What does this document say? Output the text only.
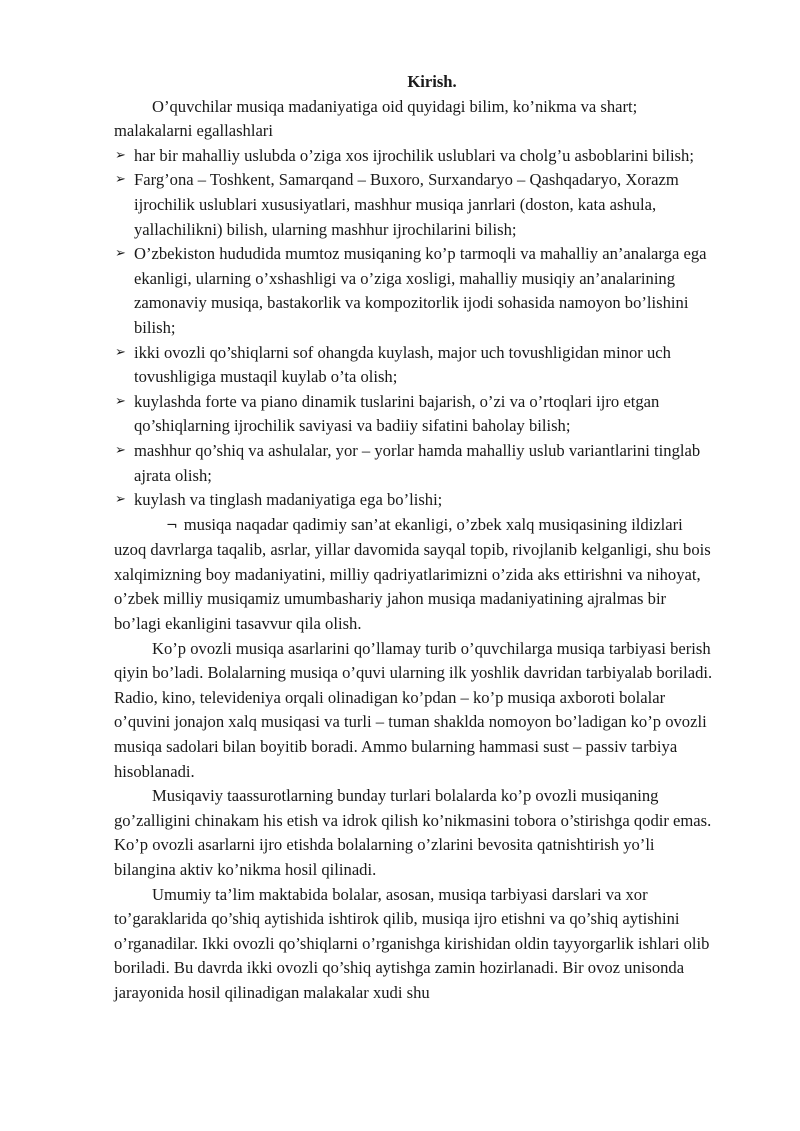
Kirish.

O’quvchilar musiqa madaniyatiga oid quyidagi bilim, ko’nikma va shart; malakalarni egallashlari

➢ har bir mahalliy uslubda o’ziga xos ijrochilik uslublari va cholg’u asboblarini bilish;
➢ Farg’ona – Toshkent, Samarqand – Buxoro, Surxandaryo – Qashqadaryo, Xorazm ijrochilik uslublari xususiyatlari, mashhur musiqa janrlari (doston, kata ashula, yallachilikni) bilish, ularning mashhur ijrochilarini bilish;
➢ O’zbekiston hududida mumtoz musiqaning ko’p tarmoqli va mahalliy an’analarga ega ekanligi, ularning o’xshashligi va o’ziga xosligi, mahalliy musiqiy an’analarining zamonaviy musiqa, bastakorlik va kompozitorlik ijodi sohasida namoyon bo’lishini bilish;
➢ ikki ovozli qo’shiqlarni sof ohangda kuylash, major uch tovushligidan minor uch tovushligiga mustaqil kuylab o’ta olish;
➢ kuylashda forte va piano dinamik tuslarini bajarish, o’zi va o’rtoqlari ijro etgan qo’shiqlarning ijrochilik saviyasi va badiiy sifatini baholay bilish;
➢ mashhur qo’shiq va ashulalar, yor – yorlar hamda mahalliy uslub variantlarini tinglab ajrata olish;
➢ kuylash va tinglash madaniyatiga ega bo’lishi;

¬ musiqa naqadar qadimiy san’at ekanligi, o’zbek xalq musiqasining ildizlari uzoq davrlarga taqalib, asrlar, yillar davomida sayqal topib, rivojlanib kelganligi, shu bois xalqimizning boy madaniyatini, milliy qadriyatlarimizni o’zida aks ettirishni va nihoyat, o’zbek milliy musiqamiz umumbashariy jahon musiqa madaniyatining ajralmas bir bo’lagi ekanligini tasavvur qila olish.

Ko’p ovozli musiqa asarlarini qo’llamay turib o’quvchilarga musiqa tarbiyasi berish qiyin bo’ladi. Bolalarning musiqa o’quvi ularning ilk yoshlik davridan tarbiyalab boriladi. Radio, kino, televideniya orqali olinadigan ko’pdan – ko’p musiqa axboroti bolalar o’quvini jonajon xalq musiqasi va turli – tuman shaklda nomoyon bo’ladigan ko’p ovozli musiqa sadolari bilan boyitib boradi. Ammo bularning hammasi sust – passiv tarbiya hisoblanadi.

Musiqaviy taassurotlarning bunday turlari bolalarda ko’p ovozli musiqaning go’zalligini chinakam his etish va idrok qilish ko’nikmasini tobora o’stirishga qodir emas. Ko’p ovozli asarlarni ijro etishda bolalarning o’zlarini bevosita qatnishtirish yo’li bilangina aktiv ko’nikma hosil qilinadi.

Umumiy ta’lim maktabida bolalar, asosan, musiqa tarbiyasi darslari va xor to’garaklarida qo’shiq aytishida ishtirok qilib, musiqa ijro etishni va qo’shiq aytishini o’rganadilar. Ikki ovozli qo’shiqlarni o’rganishga kirishidan oldin tayyorgarlik ishlari olib boriladi. Bu davrda ikki ovozli qo’shiq aytishga zamin hozirlanadi. Bir ovoz unisonda jarayonida hosil qilinadigan malakalar xudi shu
